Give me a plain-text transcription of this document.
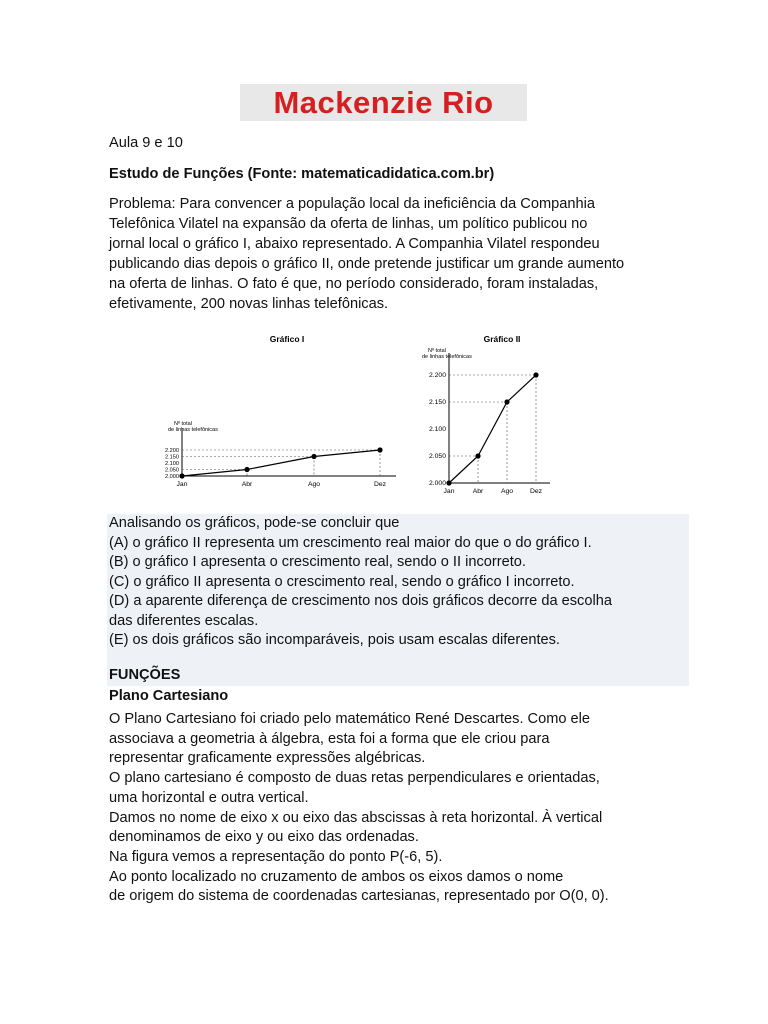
Mackenzie Rio
Aula 9 e 10
Estudo de Funções (Fonte: matematicadidatica.com.br)
Problema: Para convencer a população local da ineficiência da Companhia
Telefônica Vilatel na expansão da oferta de linhas, um político publicou no
jornal local o gráfico I, abaixo representado. A Companhia Vilatel respondeu
publicando dias depois o gráfico II, onde pretende justificar um grande aumento
na oferta de linhas. O fato é que, no período considerado, foram instaladas,
efetivamente, 200 novas linhas telefônicas.
Gráfico I
Nº total
de linhas telefônicas
2.200
2.150
2.100
2.050
2.000
Jan	Abr	Ago	Dez
Gráfico II
Nº total
de linhas telefônicas
2.200
2.150
2.100
2.050
2.000
Jan	Abr	Ago Dez
Analisando os gráficos, pode-se concluir que
(A) o gráfico II representa um crescimento real maior do que o do gráfico I.
(B) o gráfico I apresenta o crescimento real, sendo o II incorreto.
(C) o gráfico II apresenta o crescimento real, sendo o gráfico I incorreto.
(D) a aparente diferença de crescimento nos dois gráficos decorre da escolha
das diferentes escalas.
(E) os dois gráficos são incomparáveis, pois usam escalas diferentes.
FUNÇÕES
Plano Cartesiano
O Plano Cartesiano foi criado pelo matemático René Descartes. Como ele
associava a geometria à álgebra, esta foi a forma que ele criou para
representar graficamente expressões algébricas.
O plano cartesiano é composto de duas retas perpendiculares e orientadas,
uma horizontal e outra vertical.
Damos no nome de eixo x ou eixo das abscissas à reta horizontal. À vertical
denominamos de eixo y ou eixo das ordenadas.
Na figura vemos a representação do ponto P(-6, 5).
Ao ponto localizado no cruzamento de ambos os eixos damos o nome
de origem do sistema de coordenadas cartesianas, representado por O(0, 0).
